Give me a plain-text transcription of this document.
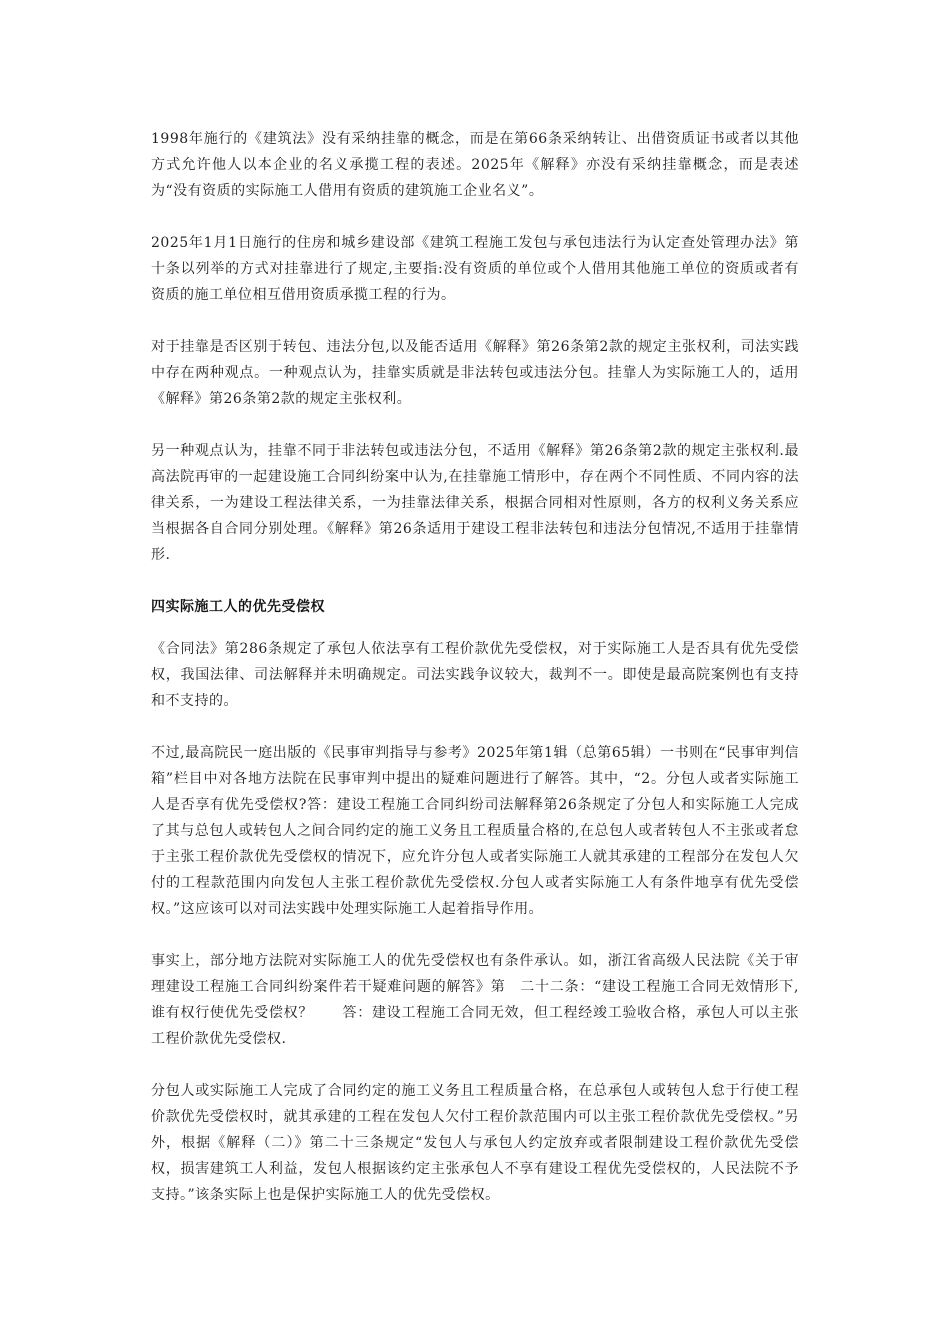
1998年施行的《建筑法》没有采纳挂靠的概念，而是在第66条采纳转让、出借资质证书或者以其他方式允许他人以本企业的名义承揽工程的表述。2025年《解释》亦没有采纳挂靠概念，而是表述为“没有资质的实际施工人借用有资质的建筑施工企业名义”。

2025年1月1日施行的住房和城乡建设部《建筑工程施工发包与承包违法行为认定查处管理办法》第十条以列举的方式对挂靠进行了规定,主要指:没有资质的单位或个人借用其他施工单位的资质或者有资质的施工单位相互借用资质承揽工程的行为。

对于挂靠是否区别于转包、违法分包,以及能否适用《解释》第26条第2款的规定主张权利，司法实践中存在两种观点。一种观点认为，挂靠实质就是非法转包或违法分包。挂靠人为实际施工人的，适用《解释》第26条第2款的规定主张权利。

另一种观点认为，挂靠不同于非法转包或违法分包，不适用《解释》第26条第2款的规定主张权利.最高法院再审的一起建设施工合同纠纷案中认为,在挂靠施工情形中，存在两个不同性质、不同内容的法律关系，一为建设工程法律关系，一为挂靠法律关系，根据合同相对性原则，各方的权利义务关系应当根据各自合同分别处理。《解释》第26条适用于建设工程非法转包和违法分包情况,不适用于挂靠情形.

四实际施工人的优先受偿权

《合同法》第286条规定了承包人依法享有工程价款优先受偿权，对于实际施工人是否具有优先受偿权，我国法律、司法解释并未明确规定。司法实践争议较大，裁判不一。即使是最高院案例也有支持和不支持的。

不过,最高院民一庭出版的《民事审判指导与参考》2025年第1辑（总第65辑）一书则在“民事审判信箱”栏目中对各地方法院在民事审判中提出的疑难问题进行了解答。其中，“2。分包人或者实际施工人是否享有优先受偿权?答：建设工程施工合同纠纷司法解释第26条规定了分包人和实际施工人完成了其与总包人或转包人之间合同约定的施工义务且工程质量合格的,在总包人或者转包人不主张或者怠于主张工程价款优先受偿权的情况下，应允许分包人或者实际施工人就其承建的工程部分在发包人欠付的工程款范围内向发包人主张工程价款优先受偿权.分包人或者实际施工人有条件地享有优先受偿权。”这应该可以对司法实践中处理实际施工人起着指导作用。

事实上，部分地方法院对实际施工人的优先受偿权也有条件承认。如，浙江省高级人民法院《关于审理建设工程施工合同纠纷案件若干疑难问题的解答》第　二十二条：“建设工程施工合同无效情形下,谁有权行使优先受偿权？　　答：建设工程施工合同无效，但工程经竣工验收合格，承包人可以主张工程价款优先受偿权.

分包人或实际施工人完成了合同约定的施工义务且工程质量合格，在总承包人或转包人怠于行使工程价款优先受偿权时，就其承建的工程在发包人欠付工程价款范围内可以主张工程价款优先受偿权。”另外，根据《解释（二）》第二十三条规定“发包人与承包人约定放弃或者限制建设工程价款优先受偿权，损害建筑工人利益，发包人根据该约定主张承包人不享有建设工程优先受偿权的，人民法院不予支持。”该条实际上也是保护实际施工人的优先受偿权。
